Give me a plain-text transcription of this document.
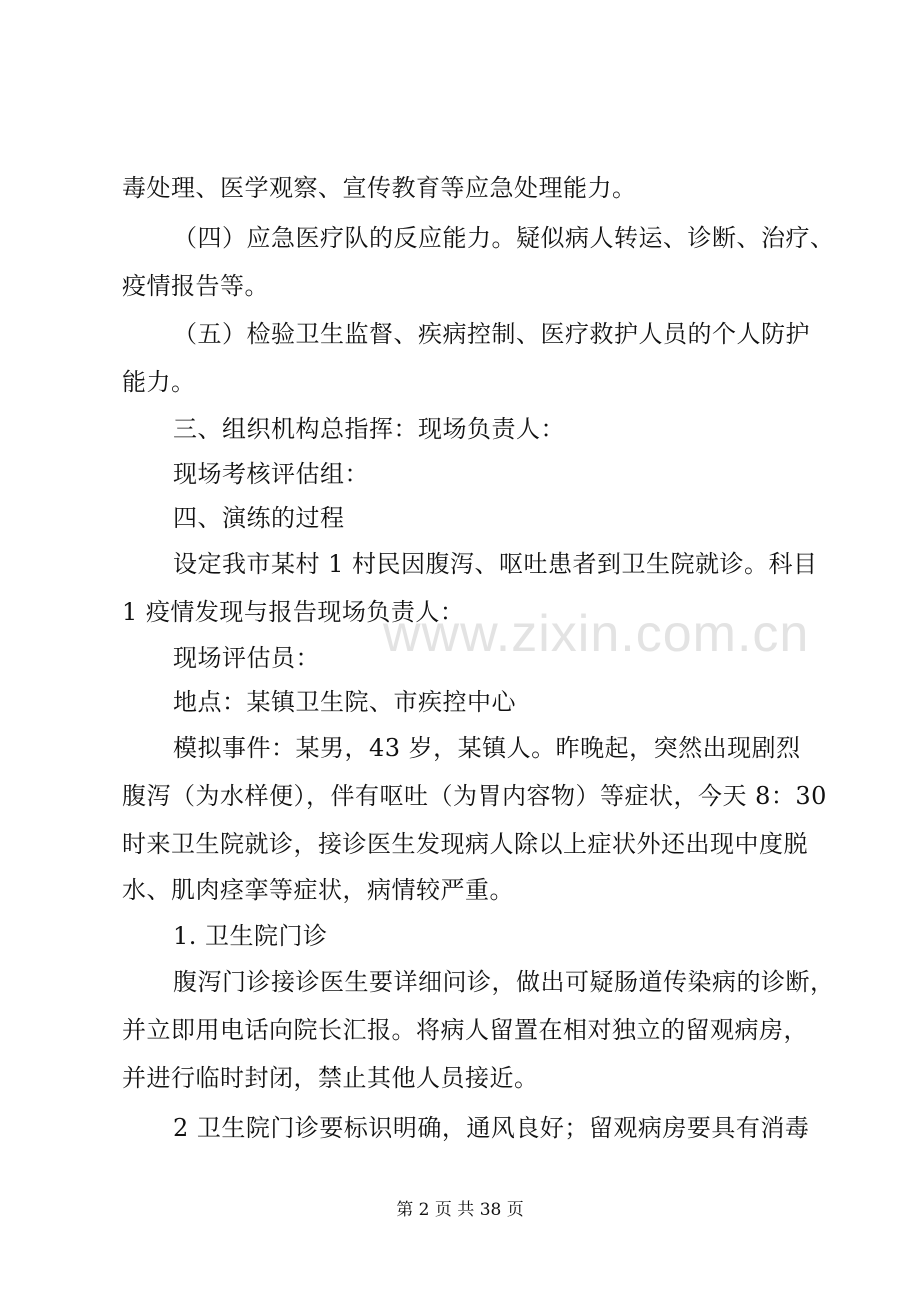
毒处理、医学观察、宣传教育等应急处理能力。
（四）应急医疗队的反应能力。疑似病人转运、诊断、治疗、
疫情报告等。
（五）检验卫生监督、疾病控制、医疗救护人员的个人防护
能力。
三、组织机构总指挥：现场负责人：
现场考核评估组：
四、演练的过程
设定我市某村 1 村民因腹泻、呕吐患者到卫生院就诊。科目
1 疫情发现与报告现场负责人：
现场评估员：
地点：某镇卫生院、市疾控中心
模拟事件：某男，43 岁，某镇人。昨晚起，突然出现剧烈
腹泻（为水样便），伴有呕吐（为胃内容物）等症状，今天 8：30
时来卫生院就诊，接诊医生发现病人除以上症状外还出现中度脱
水、肌肉痉挛等症状，病情较严重。
1. 卫生院门诊
腹泻门诊接诊医生要详细问诊，做出可疑肠道传染病的诊断，
并立即用电话向院长汇报。将病人留置在相对独立的留观病房，
并进行临时封闭，禁止其他人员接近。
2 卫生院门诊要标识明确，通风良好；留观病房要具有消毒
www.zixin.com.cn
第 2 页 共 38 页
